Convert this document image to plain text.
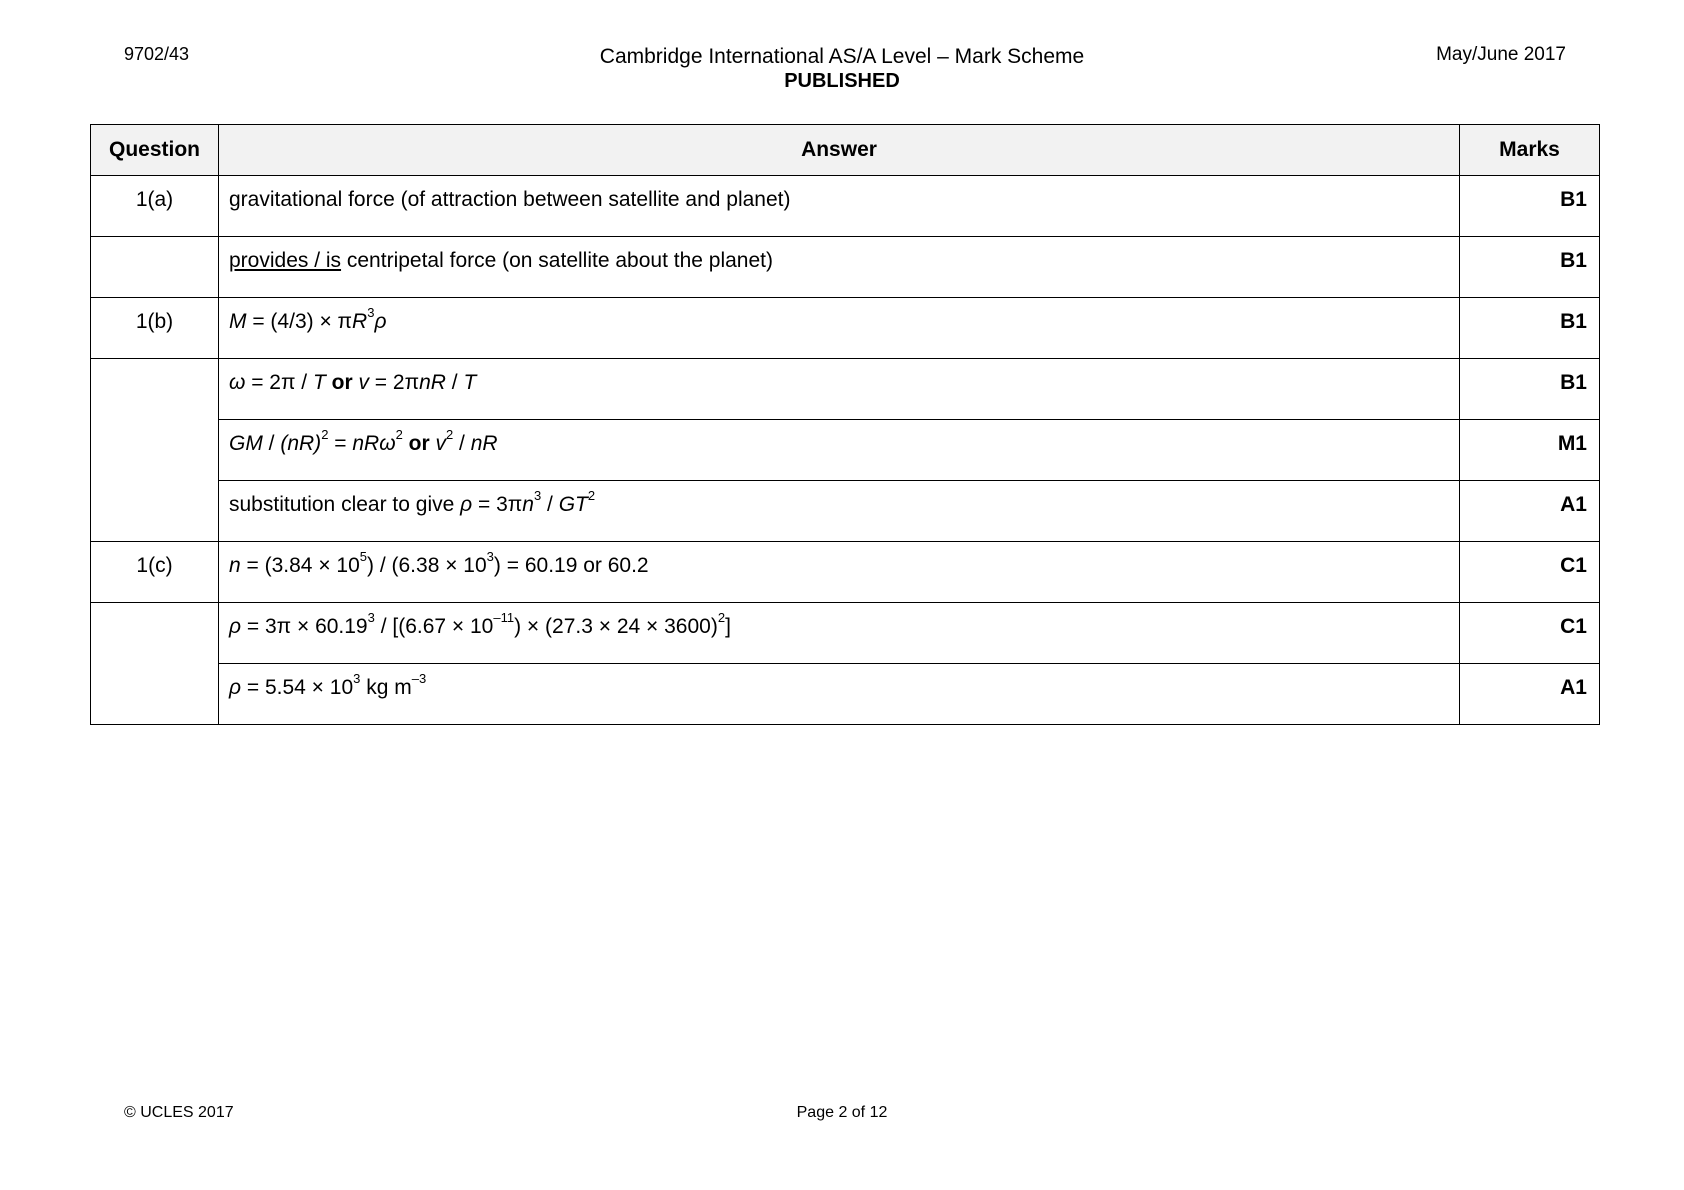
9702/43	Cambridge International AS/A Level – Mark Scheme
PUBLISHED
May/June 2017
Question	Answer	Marks
1(a)	gravitational force (of attraction between satellite and planet)	B1
	provides / is centripetal force (on satellite about the planet)	B1
1(b)	$M = (4/3) \times \pi R^3\rho$	B1
	ω = 2π / T or v = 2πnR / T	B1
	GM / (nR)$^2$ = nRω$^2$ or $v^2$ / nR	M1
	substitution clear to give $\rho = 3\pi n^3 / GT^2$	A1
1(c)	$n = (3.84 \times 10^5) / (6.38 \times 10^3) = 60.19$ or 60.2	C1
	$\rho = 3\pi \times 60.19^3 / [(6.67 \times 10^{-11}) \times (27.3 \times 24 \times 3600)^2]$	C1
	$\rho = 5.54 \times 10^3$ kg $m^{-3}$	A1
© UCLES 2017	Page 2 of 12
